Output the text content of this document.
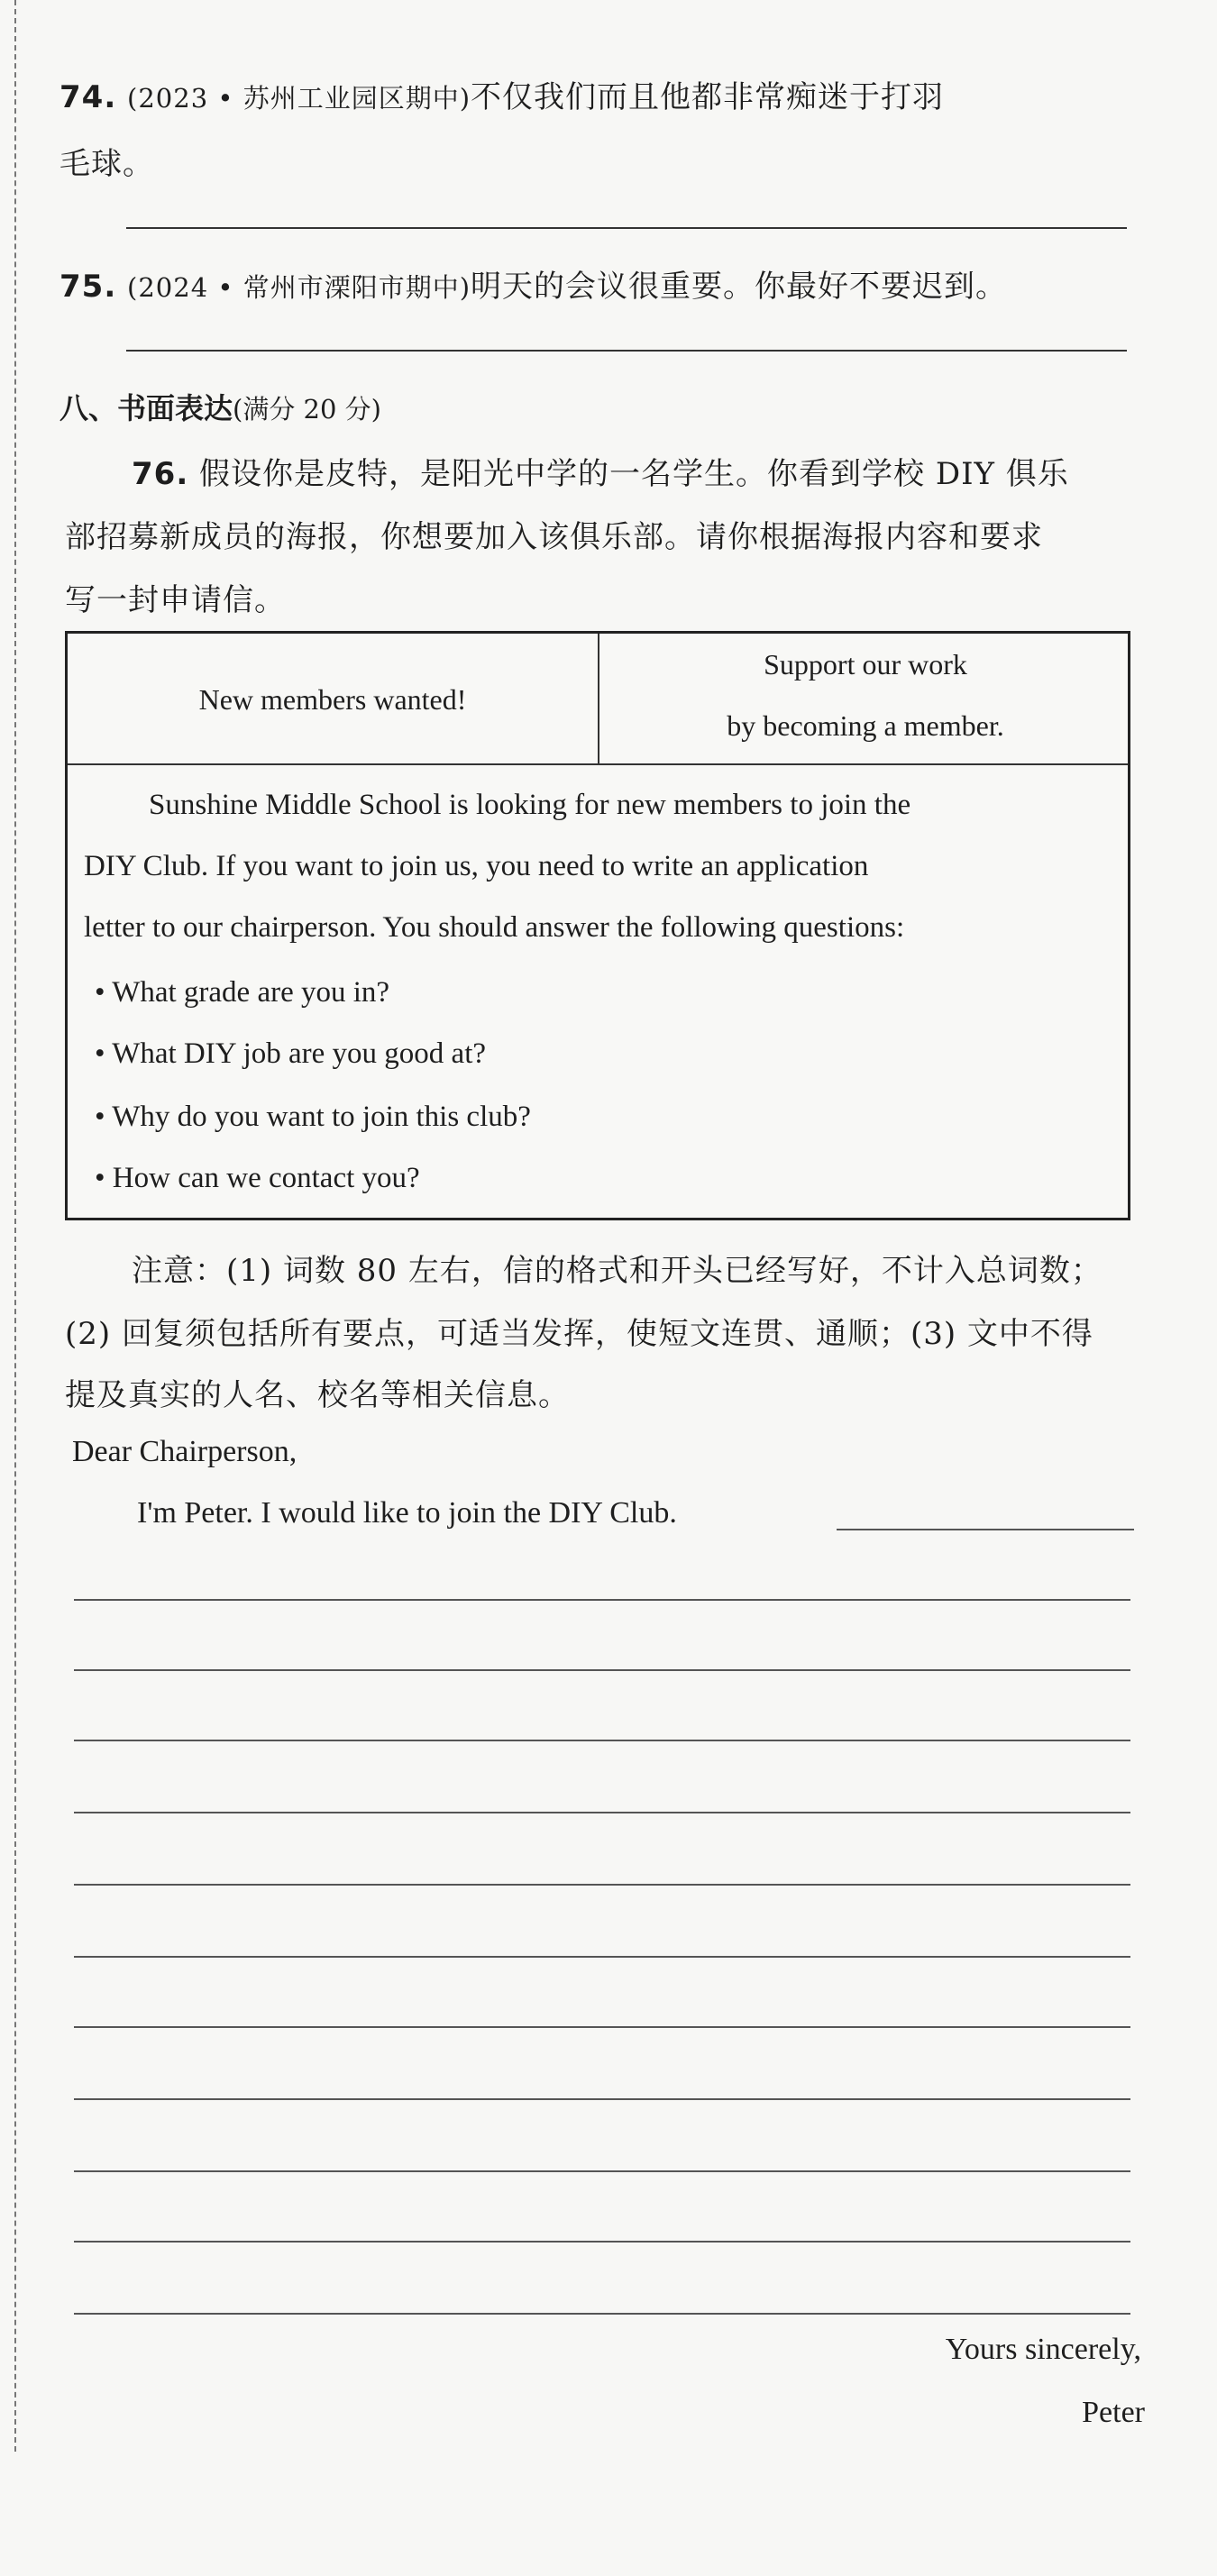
74. (2023 • 苏州工业园区期中)不仅我们而且他都非常痴迷于打羽
毛球。
75. (2024 • 常州市溧阳市期中)明天的会议很重要。你最好不要迟到。
八、书面表达(满分 20 分)
76. 假设你是皮特，是阳光中学的一名学生。你看到学校 DIY 俱乐
部招募新成员的海报，你想要加入该俱乐部。请你根据海报内容和要求
写一封申请信。
New members wanted!
Support our work
by becoming a member.
Sunshine Middle School is looking for new members to join the
DIY Club. If you want to join us, you need to write an application
letter to our chairperson. You should answer the following questions:
• What grade are you in?
• What DIY job are you good at?
• Why do you want to join this club?
• How can we contact you?
注意：(1) 词数 80 左右，信的格式和开头已经写好，不计入总词数；
(2) 回复须包括所有要点，可适当发挥，使短文连贯、通顺；(3) 文中不得
提及真实的人名、校名等相关信息。
Dear Chairperson,
I'm Peter. I would like to join the DIY Club.
Yours sincerely,
Peter
